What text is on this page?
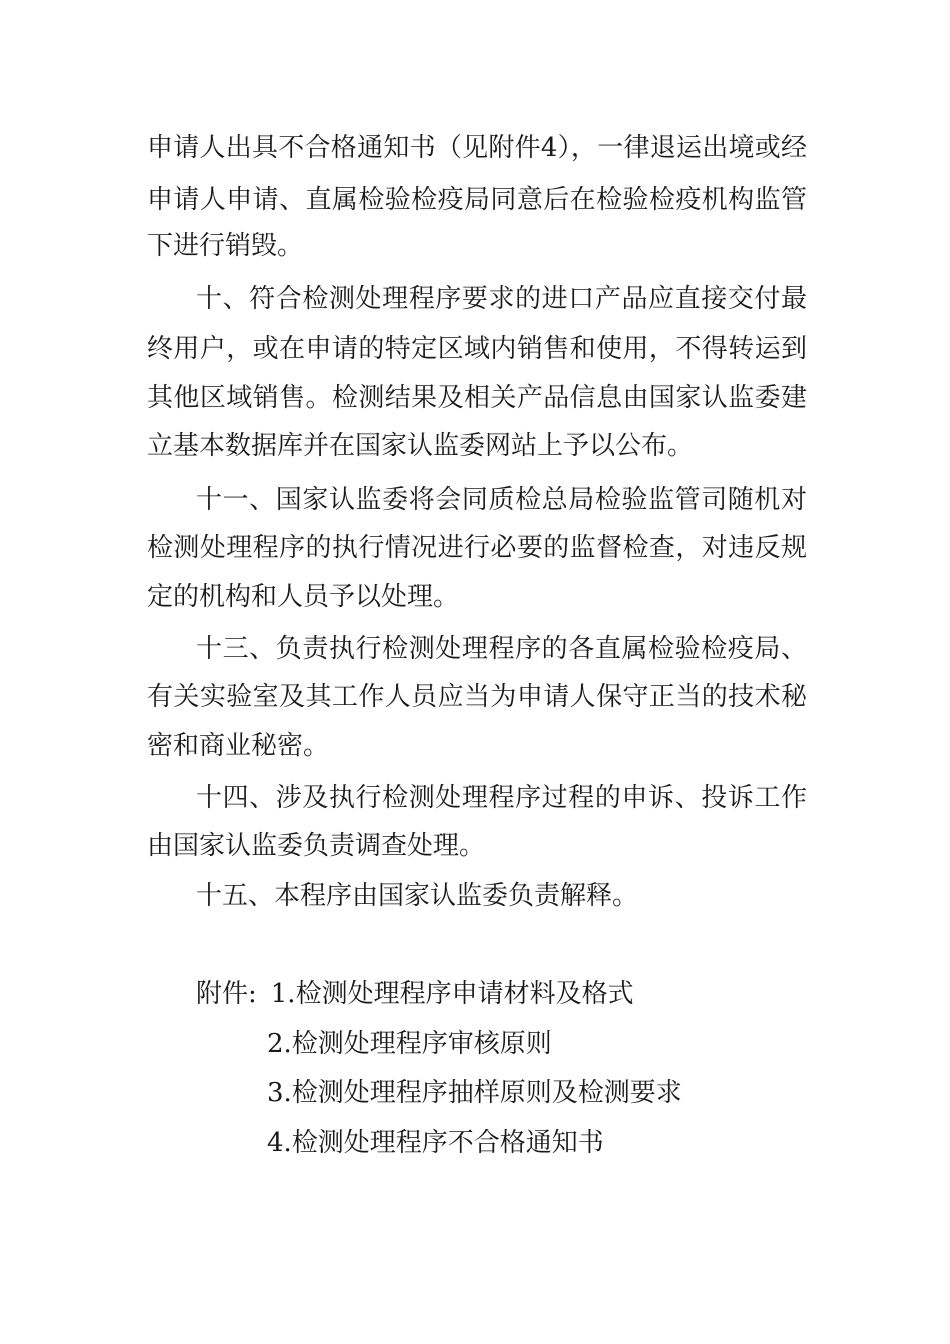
申请人出具不合格通知书（见附件4），一律退运出境或经
申请人申请、直属检验检疫局同意后在检验检疫机构监管
下进行销毁。
十、符合检测处理程序要求的进口产品应直接交付最
终用户，或在申请的特定区域内销售和使用，不得转运到
其他区域销售。检测结果及相关产品信息由国家认监委建
立基本数据库并在国家认监委网站上予以公布。
十一、国家认监委将会同质检总局检验监管司随机对
检测处理程序的执行情况进行必要的监督检查，对违反规
定的机构和人员予以处理。
十三、负责执行检测处理程序的各直属检验检疫局、
有关实验室及其工作人员应当为申请人保守正当的技术秘
密和商业秘密。
十四、涉及执行检测处理程序过程的申诉、投诉工作
由国家认监委负责调查处理。
十五、本程序由国家认监委负责解释。
附件: 1.检测处理程序申请材料及格式
2.检测处理程序审核原则
3.检测处理程序抽样原则及检测要求
4.检测处理程序不合格通知书
